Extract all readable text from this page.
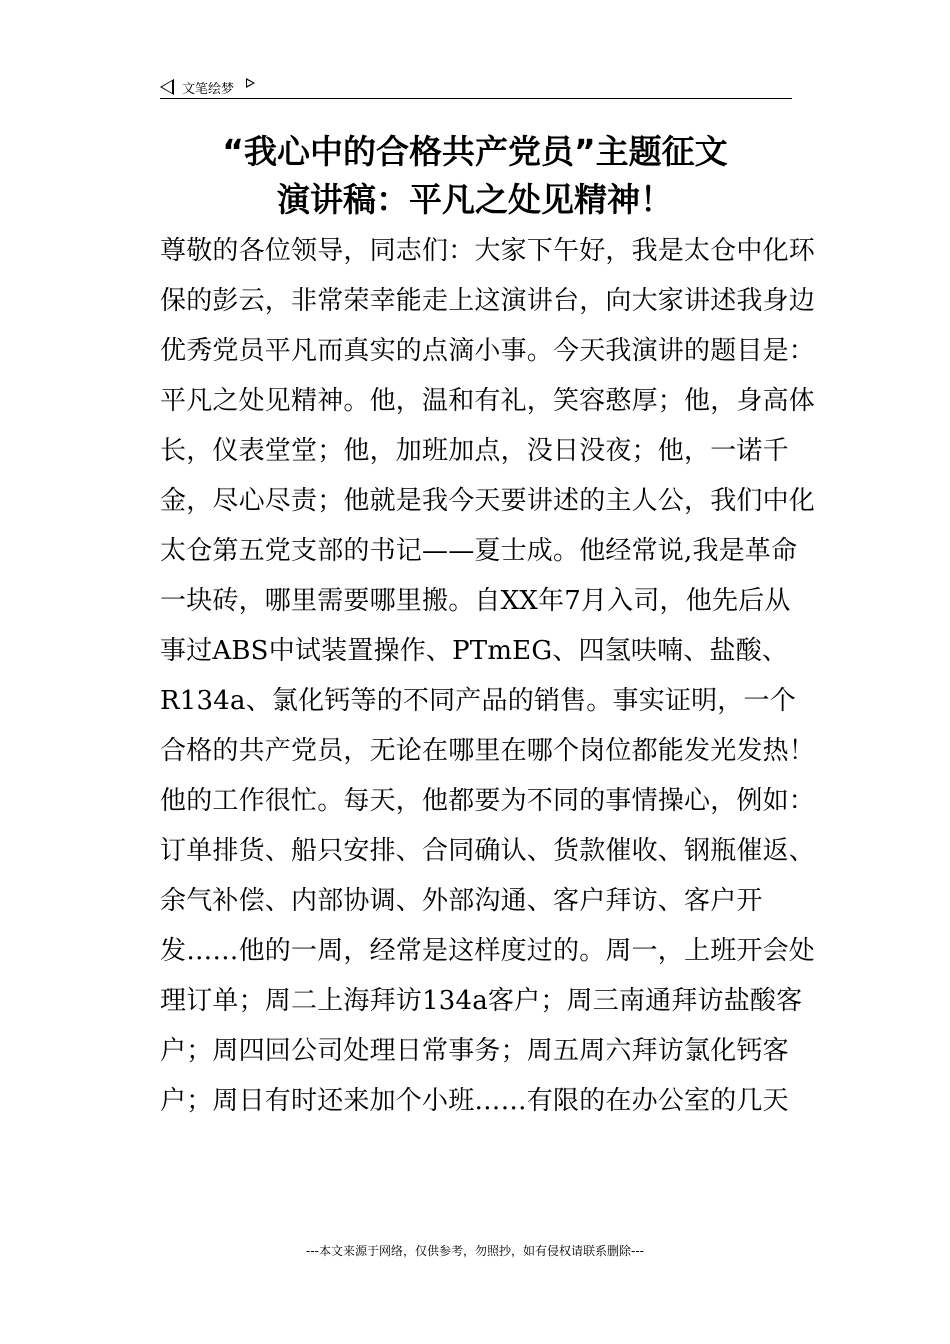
文笔绘梦
“我心中的合格共产党员”主题征文
演讲稿：平凡之处见精神！

尊敬的各位领导，同志们：大家下午好，我是太仓中化环保的彭云，非常荣幸能走上这演讲台，向大家讲述我身边优秀党员平凡而真实的点滴小事。今天我演讲的题目是：平凡之处见精神。他，温和有礼，笑容憨厚；他，身高体长，仪表堂堂；他，加班加点，没日没夜；他，一诺千金，尽心尽责；他就是我今天要讲述的主人公，我们中化太仓第五党支部的书记——夏士成。他经常说,我是革命一块砖，哪里需要哪里搬。自XX年7月入司，他先后从事过ABS中试装置操作、PTmEG、四氢呋喃、盐酸、R134a、氯化钙等的不同产品的销售。事实证明，一个合格的共产党员，无论在哪里在哪个岗位都能发光发热！他的工作很忙。每天，他都要为不同的事情操心，例如：订单排货、船只安排、合同确认、货款催收、钢瓶催返、余气补偿、内部协调、外部沟通、客户拜访、客户开发……他的一周，经常是这样度过的。周一，上班开会处理订单；周二上海拜访134a客户；周三南通拜访盐酸客户；周四回公司处理日常事务；周五周六拜访氯化钙客户；周日有时还来加个小班……有限的在办公室的几天

---本文来源于网络，仅供参考，勿照抄，如有侵权请联系删除---
